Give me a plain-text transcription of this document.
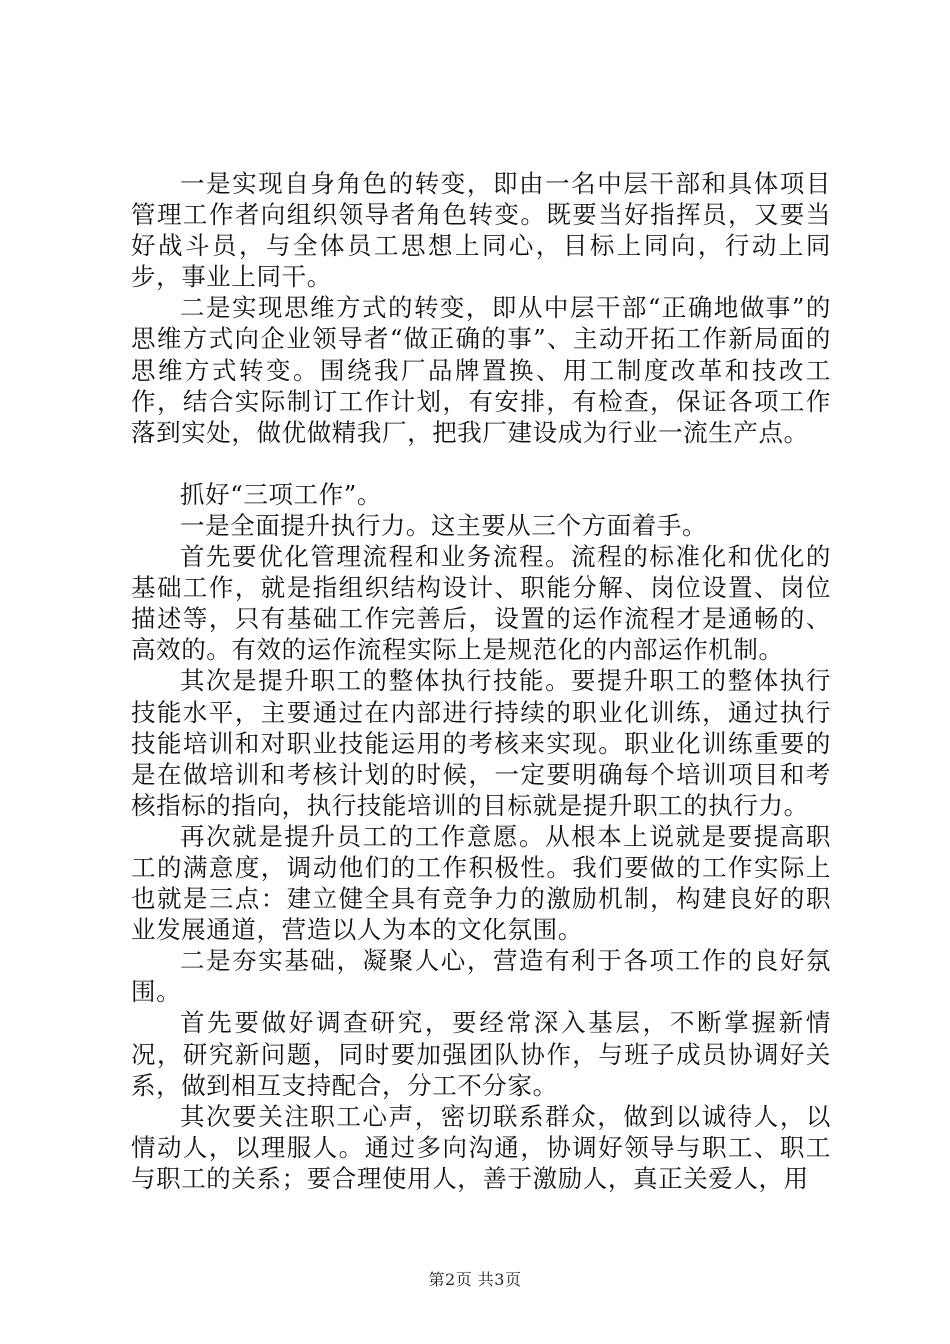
一是实现自身角色的转变，即由一名中层干部和具体项目管理工作者向组织领导者角色转变。既要当好指挥员，又要当好战斗员，与全体员工思想上同心，目标上同向，行动上同步，事业上同干。

二是实现思维方式的转变，即从中层干部“正确地做事”的思维方式向企业领导者“做正确的事”、主动开拓工作新局面的思维方式转变。围绕我厂品牌置换、用工制度改革和技改工作，结合实际制订工作计划，有安排，有检查，保证各项工作落到实处，做优做精我厂，把我厂建设成为行业一流生产点。

抓好“三项工作”。

一是全面提升执行力。这主要从三个方面着手。

首先要优化管理流程和业务流程。流程的标准化和优化的基础工作，就是指组织结构设计、职能分解、岗位设置、岗位描述等，只有基础工作完善后，设置的运作流程才是通畅的、高效的。有效的运作流程实际上是规范化的内部运作机制。

其次是提升职工的整体执行技能。要提升职工的整体执行技能水平，主要通过在内部进行持续的职业化训练，通过执行技能培训和对职业技能运用的考核来实现。职业化训练重要的是在做培训和考核计划的时候，一定要明确每个培训项目和考核指标的指向，执行技能培训的目标就是提升职工的执行力。

再次就是提升员工的工作意愿。从根本上说就是要提高职工的满意度，调动他们的工作积极性。我们要做的工作实际上也就是三点：建立健全具有竞争力的激励机制，构建良好的职业发展通道，营造以人为本的文化氛围。

二是夯实基础，凝聚人心，营造有利于各项工作的良好氛围。

首先要做好调查研究，要经常深入基层，不断掌握新情况，研究新问题，同时要加强团队协作，与班子成员协调好关系，做到相互支持配合，分工不分家。

其次要关注职工心声，密切联系群众，做到以诚待人，以情动人，以理服人。通过多向沟通，协调好领导与职工、职工与职工的关系；要合理使用人，善于激励人，真正关爱人，用

第2页 共3页
